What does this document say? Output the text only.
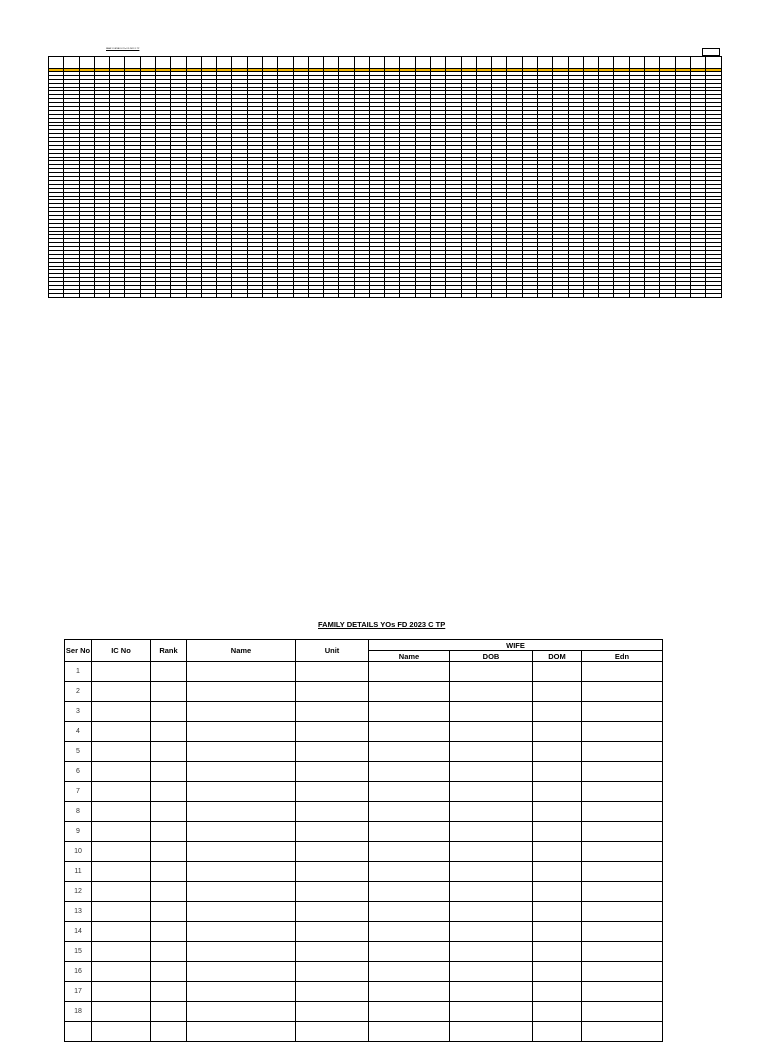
FAMILY DETAILS YOs FD 2023 C TP

FAMILY DETAILS YOs FD 2023 C TP
Ser No	IC No	Rank	Name	Unit	WIFE			
					Name	DOB	DOM	Edn
1								
2								
3								
4								
5								
6								
7								
8								
9								
10								
11								
12								
13								
14								
15								
16								
17								
18								
